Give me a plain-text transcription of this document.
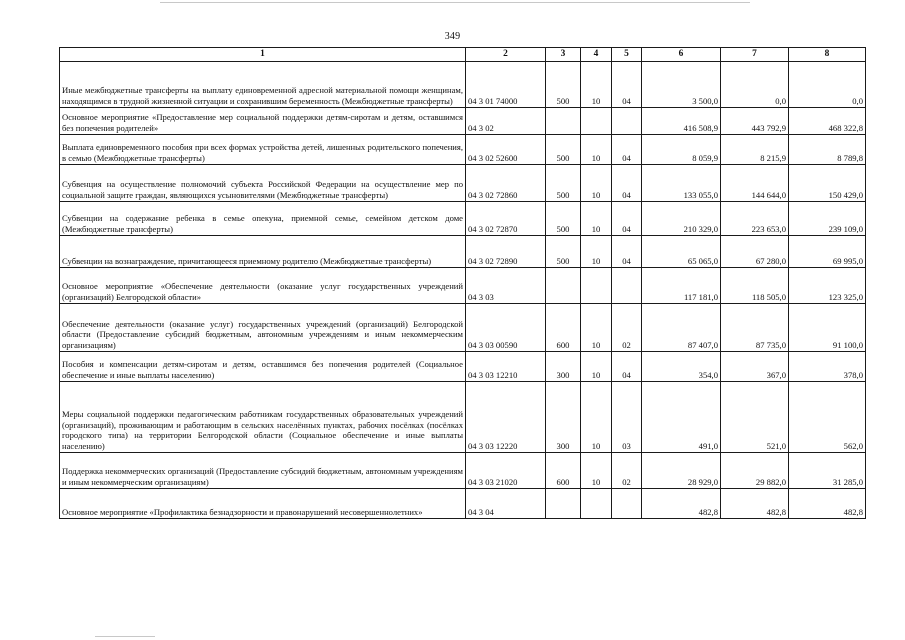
349
1	2	3	4	5	6	7	8
Иные межбюджетные трансферты на выплату единовременной адресной материальной помощи женщинам, находящимся в трудной жизненной ситуации и сохранившим беременность (Межбюджетные трансферты)	04 3 01 74000	500	10	04	3 500,0	0,0	0,0
Основное мероприятие «Предоставление мер социальной поддержки детям-сиротам и детям, оставшимся без попечения родителей»	04 3 02				416 508,9	443 792,9	468 322,8
Выплата единовременного пособия при всех формах устройства детей, лишенных родительского попечения, в семью (Межбюджетные трансферты)	04 3 02 52600	500	10	04	8 059,9	8 215,9	8 789,8
Субвенция на осуществление полномочий субъекта Российской Федерации на осуществление мер по социальной защите граждан, являющихся усыновителями (Межбюджетные трансферты)	04 3 02 72860	500	10	04	133 055,0	144 644,0	150 429,0
Субвенции на содержание ребенка в семье опекуна, приемной семье, семейном детском доме (Межбюджетные трансферты)	04 3 02 72870	500	10	04	210 329,0	223 653,0	239 109,0
Субвенции на вознаграждение, причитающееся приемному родителю (Межбюджетные трансферты)	04 3 02 72890	500	10	04	65 065,0	67 280,0	69 995,0
Основное мероприятие «Обеспечение деятельности (оказание услуг государственных учреждений (организаций) Белгородской области»	04 3 03				117 181,0	118 505,0	123 325,0
Обеспечение деятельности (оказание услуг) государственных учреждений (организаций) Белгородской области (Предоставление субсидий бюджетным, автономным учреждениям и иным некоммерческим организациям)	04 3 03 00590	600	10	02	87 407,0	87 735,0	91 100,0
Пособия и компенсации детям-сиротам и детям, оставшимся без попечения родителей (Социальное обеспечение и иные выплаты населению)	04 3 03 12210	300	10	04	354,0	367,0	378,0
Меры социальной поддержки педагогическим работникам государственных образовательных учреждений (организаций), проживающим и работающим в сельских населённых пунктах, рабочих посёлках (посёлках городского типа) на территории Белгородской области (Социальное обеспечение и иные выплаты населению)	04 3 03 12220	300	10	03	491,0	521,0	562,0
Поддержка некоммерческих организаций (Предоставление субсидий бюджетным, автономным учреждениям и иным некоммерческим организациям)	04 3 03 21020	600	10	02	28 929,0	29 882,0	31 285,0
Основное мероприятие «Профилактика безнадзорности и правонарушений несовершеннолетних»	04 3 04				482,8	482,8	482,8
